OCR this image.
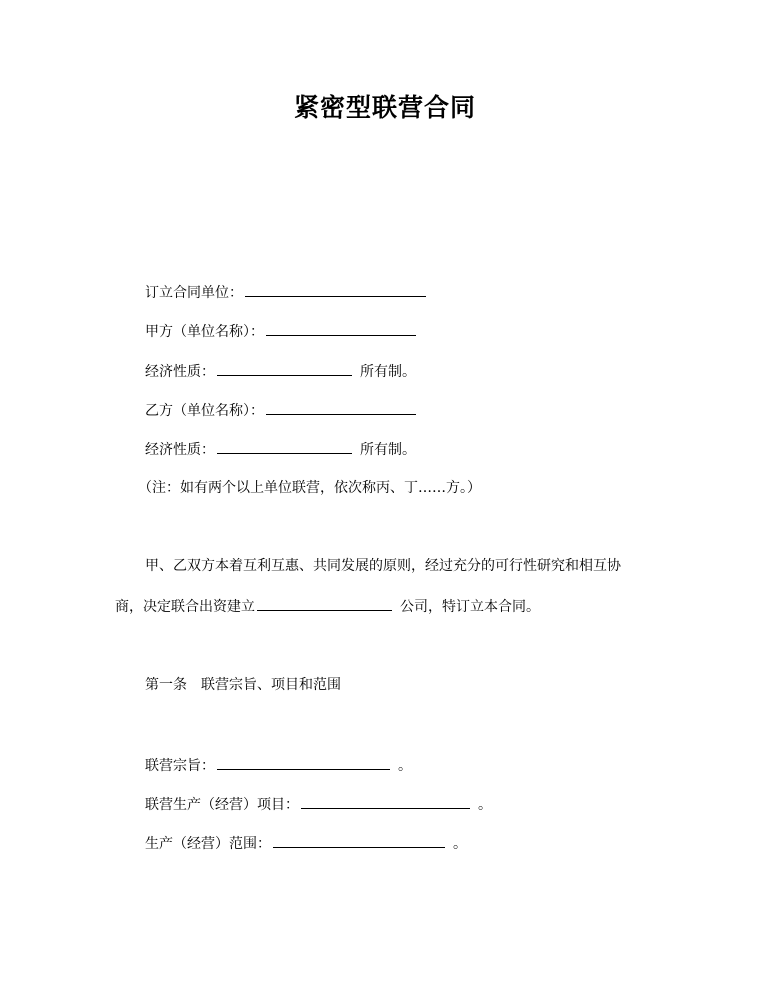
紧密型联营合同

订立合同单位：

甲方（单位名称）：

经济性质：	所有制。

乙方（单位名称）：

经济性质：	所有制。

（注：如有两个以上单位联营，依次称丙、丁……方。）

甲、乙双方本着互利互惠、共同发展的原则，经过充分的可行性研究和相互协

商，决定联合出资建立	公司，特订立本合同。

第一条　联营宗旨、项目和范围

联营宗旨：	。

联营生产（经营）项目：	。

生产（经营）范围：	。
